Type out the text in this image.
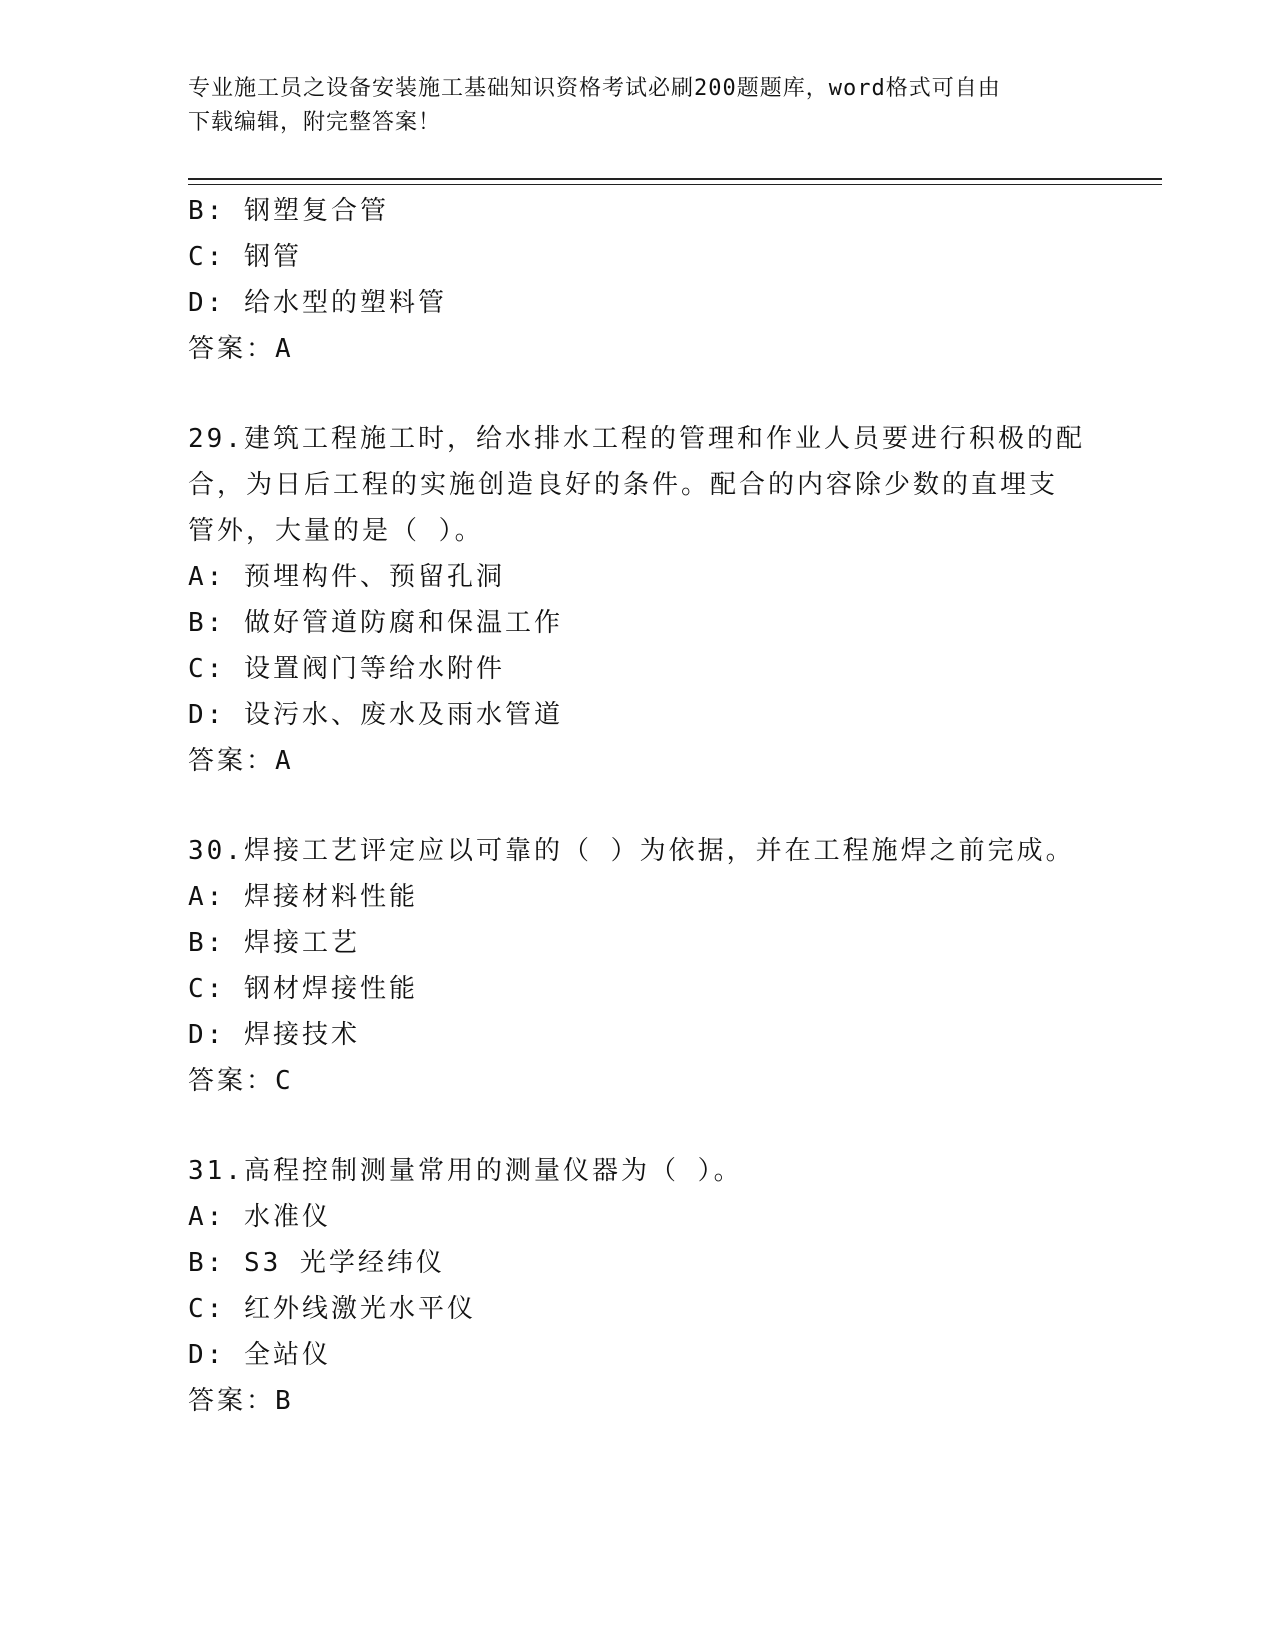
专业施工员之设备安装施工基础知识资格考试必刷200题题库，word格式可自由
下载编辑，附完整答案！
B: 钢塑复合管
C: 钢管
D: 给水型的塑料管
答案：A
29.建筑工程施工时，给水排水工程的管理和作业人员要进行积极的配
合，为日后工程的实施创造良好的条件。配合的内容除少数的直埋支
管外，大量的是（ ）。
A: 预埋构件、预留孔洞
B: 做好管道防腐和保温工作
C: 设置阀门等给水附件
D: 设污水、废水及雨水管道
答案：A
30.焊接工艺评定应以可靠的（ ）为依据，并在工程施焊之前完成。
A: 焊接材料性能
B: 焊接工艺
C: 钢材焊接性能
D: 焊接技术
答案：C
31.高程控制测量常用的测量仪器为（ ）。
A: 水准仪
B: S3 光学经纬仪
C: 红外线激光水平仪
D: 全站仪
答案：B
